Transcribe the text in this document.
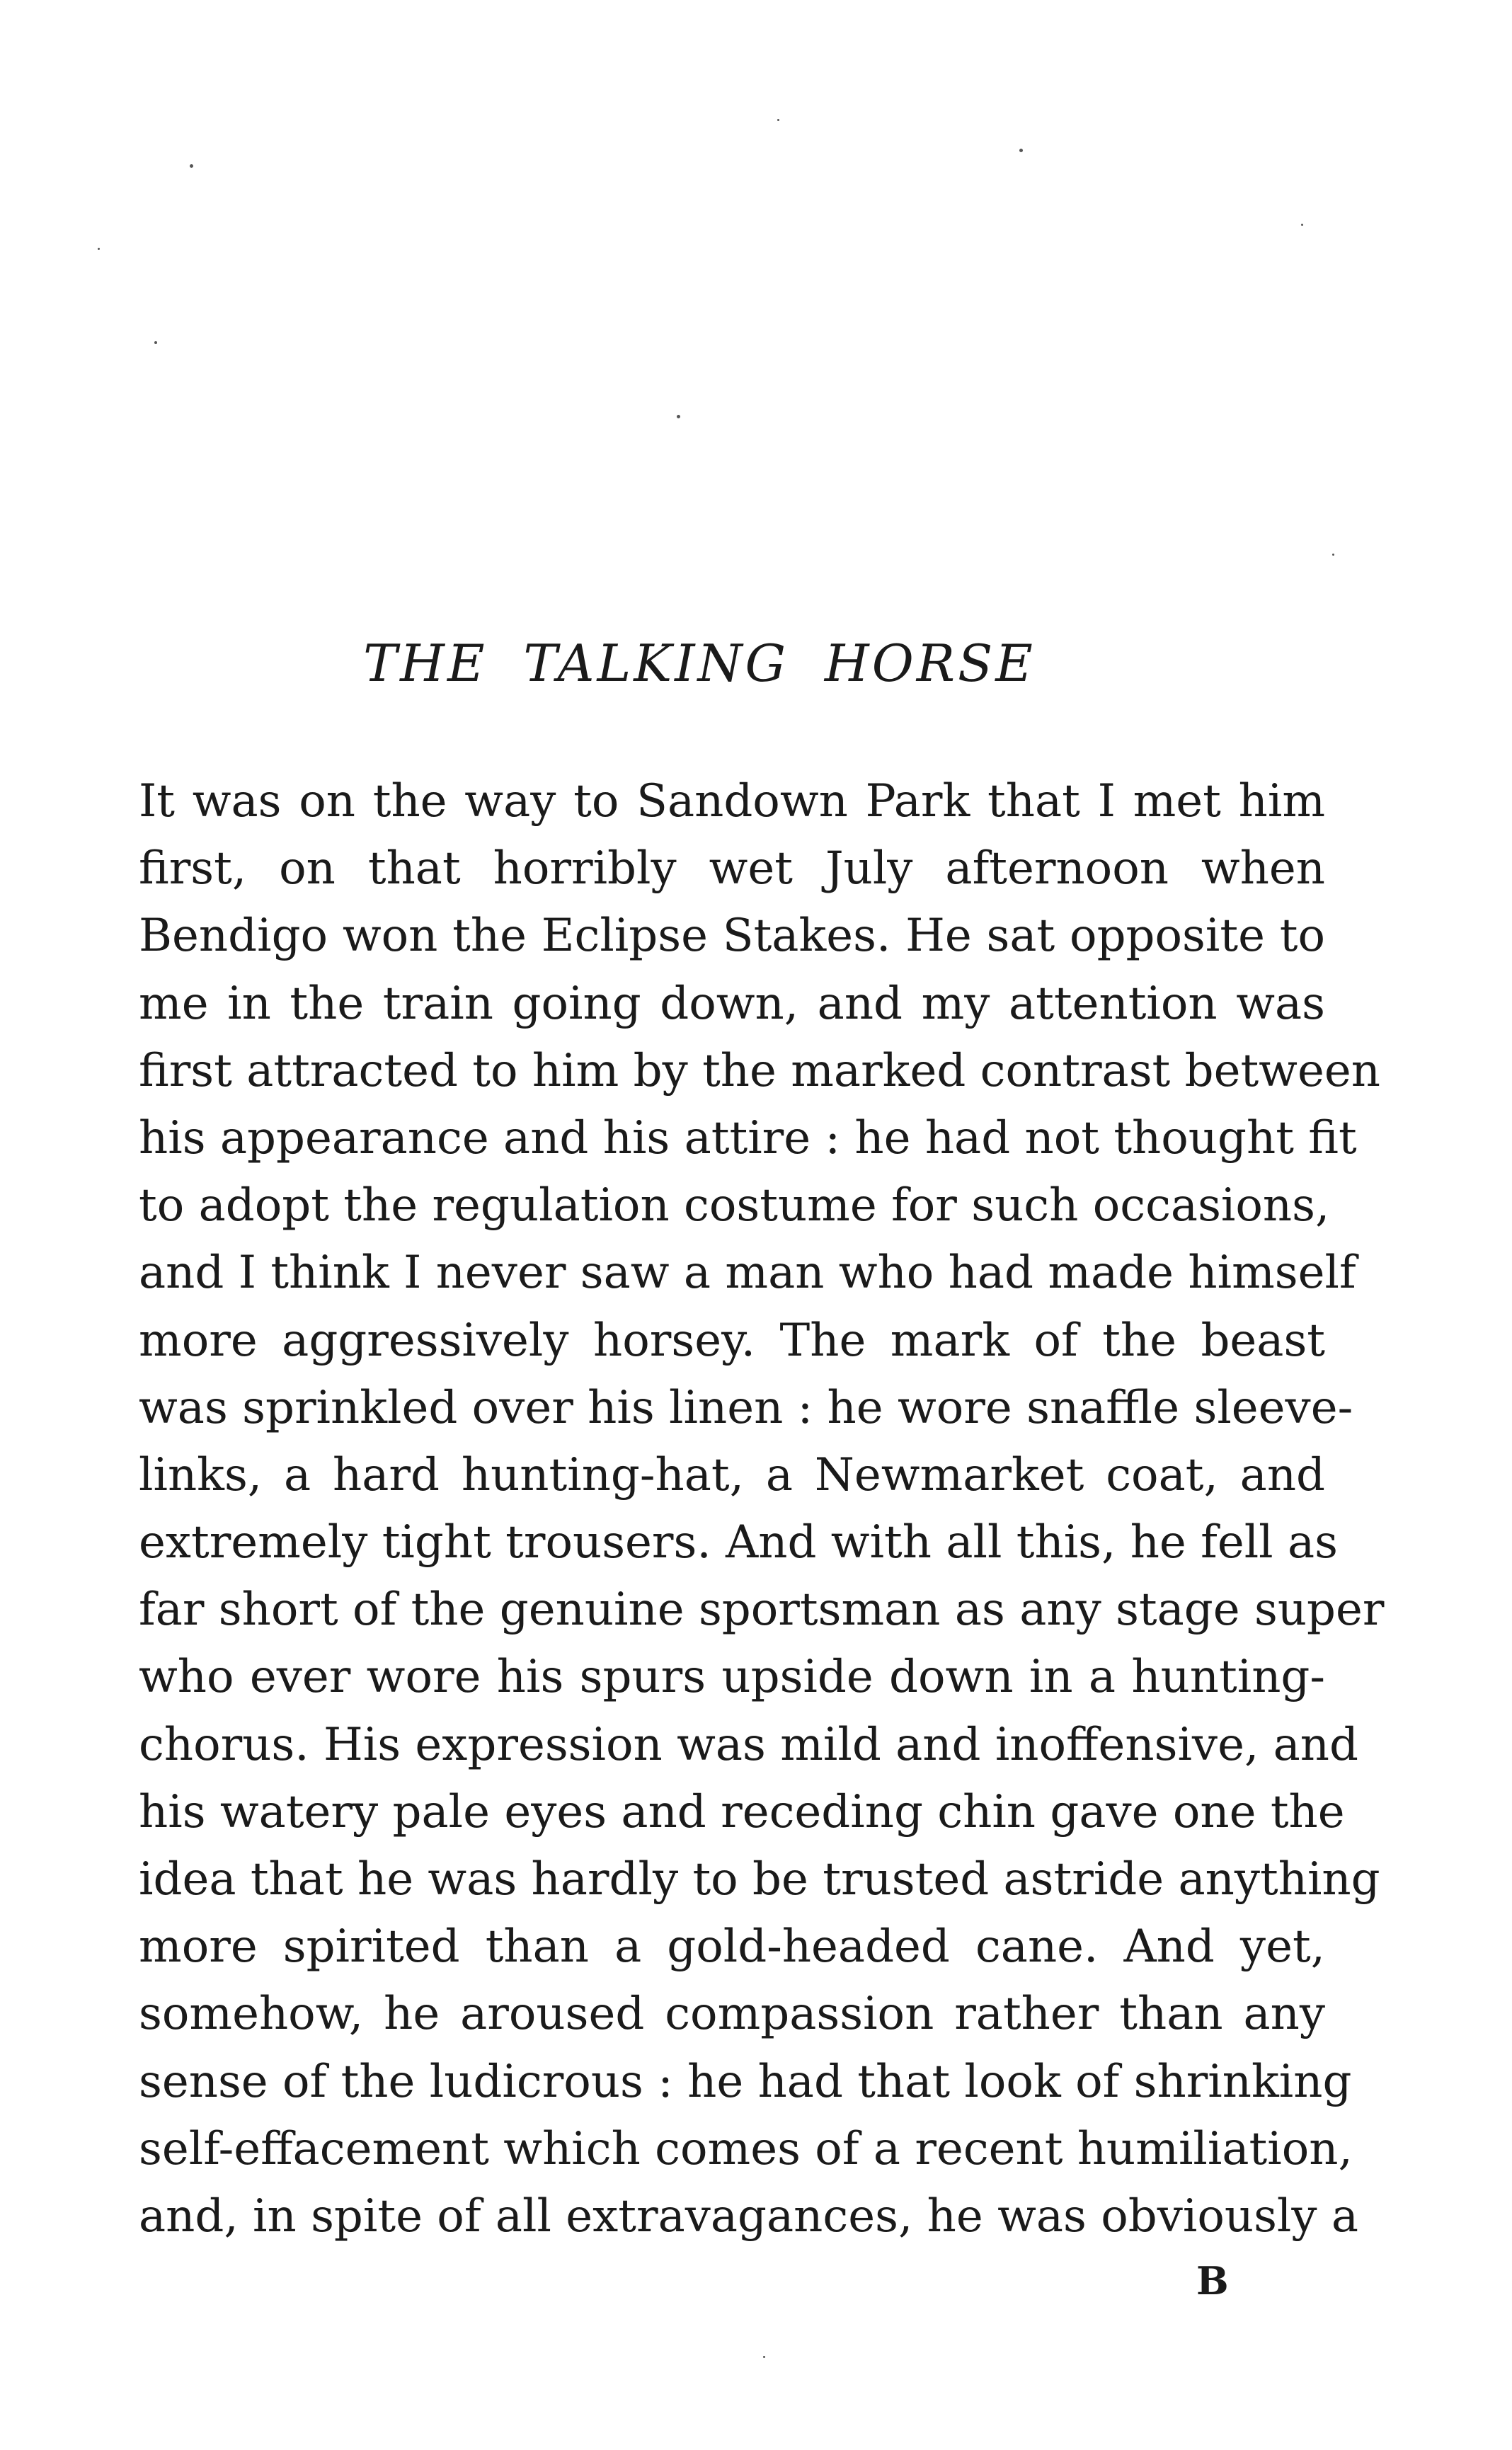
THE TALKING HORSE
It was on the way to Sandown Park that I met him
first, on that horribly wet July afternoon when
Bendigo won the Eclipse Stakes. He sat opposite to
me in the train going down, and my attention was
first attracted to him by the marked contrast between
his appearance and his attire : he had not thought fit
to adopt the regulation costume for such occasions,
and I think I never saw a man who had made himself
more aggressively horsey. The mark of the beast
was sprinkled over his linen : he wore snaffle sleeve-
links, a hard hunting-hat, a Newmarket coat, and
extremely tight trousers. And with all this, he fell as
far short of the genuine sportsman as any stage super
who ever wore his spurs upside down in a hunting-
chorus. His expression was mild and inoffensive, and
his watery pale eyes and receding chin gave one the
idea that he was hardly to be trusted astride anything
more spirited than a gold-headed cane. And yet,
somehow, he aroused compassion rather than any
sense of the ludicrous : he had that look of shrinking
self-effacement which comes of a recent humiliation,
and, in spite of all extravagances, he was obviously a
B
